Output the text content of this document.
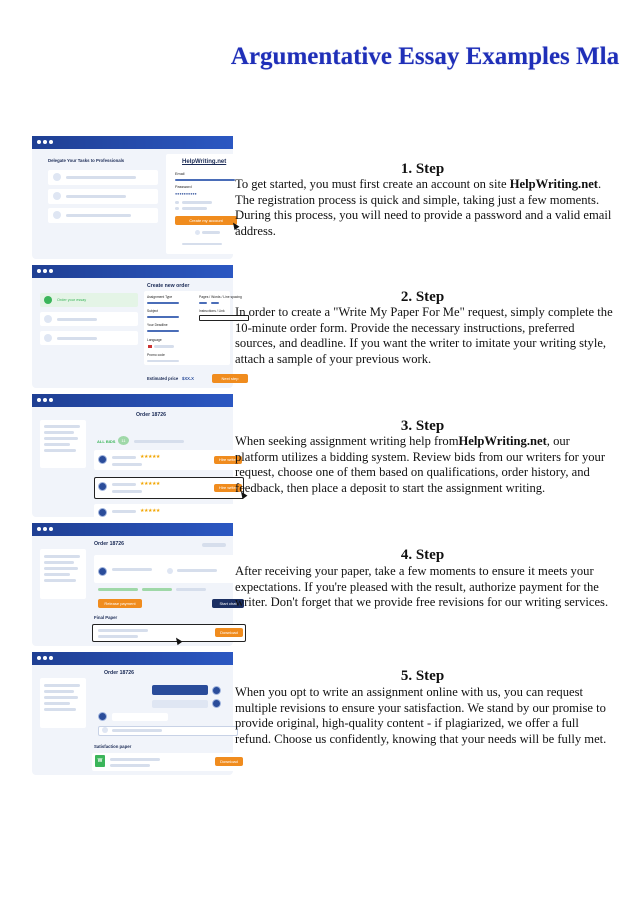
Argumentative Essay Examples Mla
Delegate Your Tasks to Professionals	HelpWriting.net
Email
Password
●●●●●●●●●●
Create my account
Create new order
Order your essay
Assignment Type	Pages / Words / Line spacing
Subject	Instructions / Link
Your Deadline
Language
Promo code
Estimated price $XX.X	Next step
Order 18726
ALL BIDS	11
★★★★★	Hire writer
★★★★★
Hire writer
★★★★★
Order 18726
Release payment	Start chat
Final Paper
Download
Order 18726
Satisfaction paper
W	Download
1. Step
To get started, you must first create an account on site HelpWriting.net. The registration process is quick and simple, taking just a few moments. During this process, you will need to provide a password and a valid email address.
2. Step
In order to create a "Write My Paper For Me" request, simply complete the 10-minute order form. Provide the necessary instructions, preferred sources, and deadline. If you want the writer to imitate your writing style, attach a sample of your previous work.
3. Step
When seeking assignment writing help fromHelpWriting.net, our platform utilizes a bidding system. Review bids from our writers for your request, choose one of them based on qualifications, order history, and feedback, then place a deposit to start the assignment writing.
4. Step
After receiving your paper, take a few moments to ensure it meets your expectations. If you're pleased with the result, authorize payment for the writer. Don't forget that we provide free revisions for our writing services.
5. Step
When you opt to write an assignment online with us, you can request multiple revisions to ensure your satisfaction. We stand by our promise to provide original, high-quality content - if plagiarized, we offer a full refund. Choose us confidently, knowing that your needs will be fully met.
